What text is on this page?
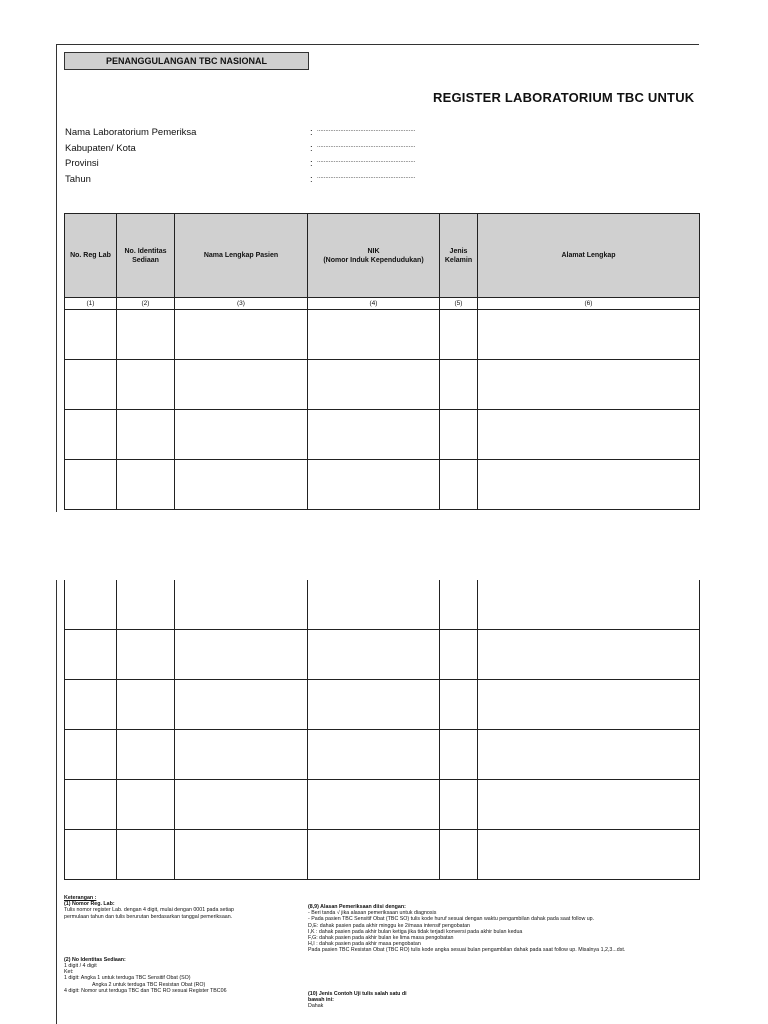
PENANGGULANGAN TBC NASIONAL
REGISTER LABORATORIUM TBC UNTUK
Nama Laboratorium Pemeriksa	: ...........................................................
Kabupaten/ Kota	: ...........................................................
Provinsi	: ...........................................................
Tahun	: ...........................................................
No. Reg Lab	No. Identitas Sediaan	Nama Lengkap Pasien	NIK
(Nomor Induk Kependudukan)	Jenis Kelamin	Alamat Lengkap
(1)	(2)	(3)	(4)	(5)	(6)

Keterangan :
(1) Nomor Reg. Lab:
Tulis nomor register Lab. dengan 4 digit, mulai dengan 0001 pada setiap
permulaan tahun dan tulis berurutan berdasarkan tanggal pemeriksaan.
(2) No Identitas Sediaan:
1 digit / 4 digit
Ket:
1 digit: Angka 1 untuk terduga TBC Sensitif Obat (SO)
Angka 2 untuk terduga TBC Resistan Obat (RO)
4 digit: Nomor urut terduga TBC dan TBC RO sesuai Register TBC06
(8,9) Alasan Pemeriksaan diisi dengan:
- Beri tanda √ jika alasan pemeriksaan untuk diagnosis
- Pada pasien TBC Sensitif Obat (TBC SO) tulis kode huruf sesuai dengan waktu pengambilan dahak pada saat follow up.
D,E: dahak pasien pada akhir minggu ke 2/masa intensif pengobatan
I,K : dahak pasien pada akhir bulan ketiga jika tidak terjadi konversi pada akhir bulan kedua
F,G: dahak pasien pada akhir bulan ke lima masa pengobatan
H,I : dahak pasien pada akhir masa pengobatan
Pada pasien TBC Resistan Obat (TBC RO) tulis kode angka sesuai bulan pengambilan dahak pada saat follow up. Misalnya 1,2,3...dst.
(10) Jenis Contoh Uji tulis salah satu di
bawah ini:
Dahak
